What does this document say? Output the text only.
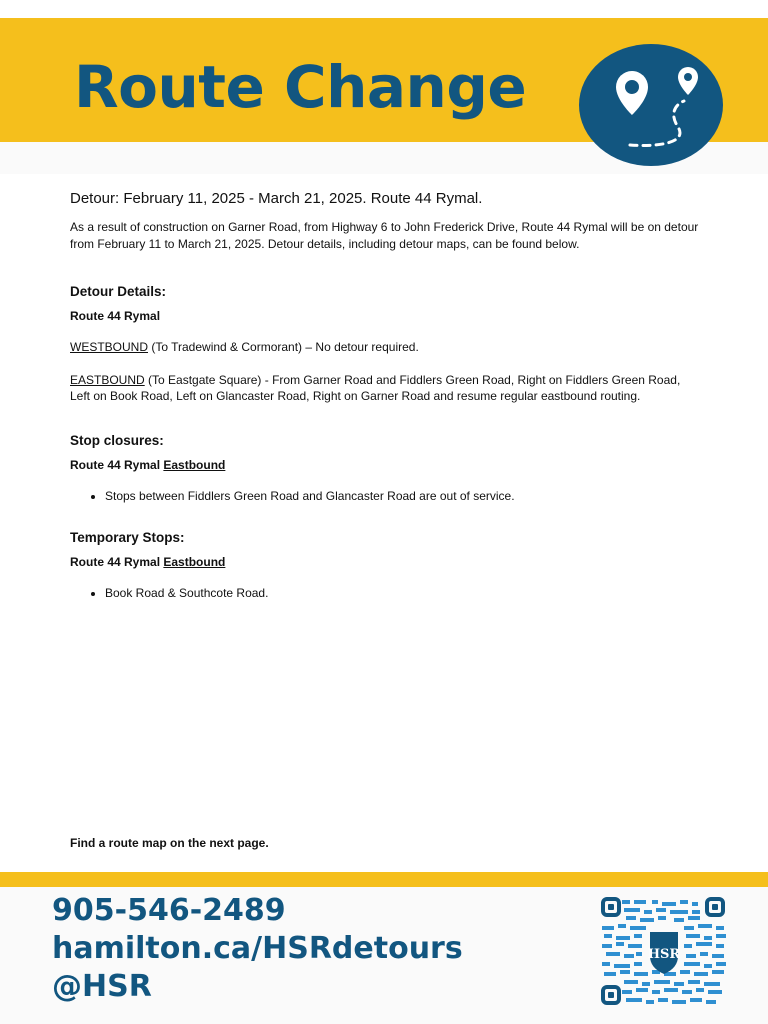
Route Change
Detour: February 11, 2025 - March 21, 2025. Route 44 Rymal.

As a result of construction on Garner Road, from Highway 6 to John Frederick Drive, Route 44 Rymal will be on detour from February 11 to March 21, 2025. Detour details, including detour maps, can be found below.

Detour Details:

Route 44 Rymal

WESTBOUND (To Tradewind & Cormorant) – No detour required.

EASTBOUND (To Eastgate Square) - From Garner Road and Fiddlers Green Road, Right on Fiddlers Green Road, Left on Book Road, Left on Glancaster Road, Right on Garner Road and resume regular eastbound routing.

Stop closures:

Route 44 Rymal Eastbound

• Stops between Fiddlers Green Road and Glancaster Road are out of service.
Temporary Stops:

Route 44 Rymal Eastbound

• Book Road & Southcote Road.

Find a route map on the next page.

905-546-2489
hamilton.ca/HSRdetours
@HSR
HSR
